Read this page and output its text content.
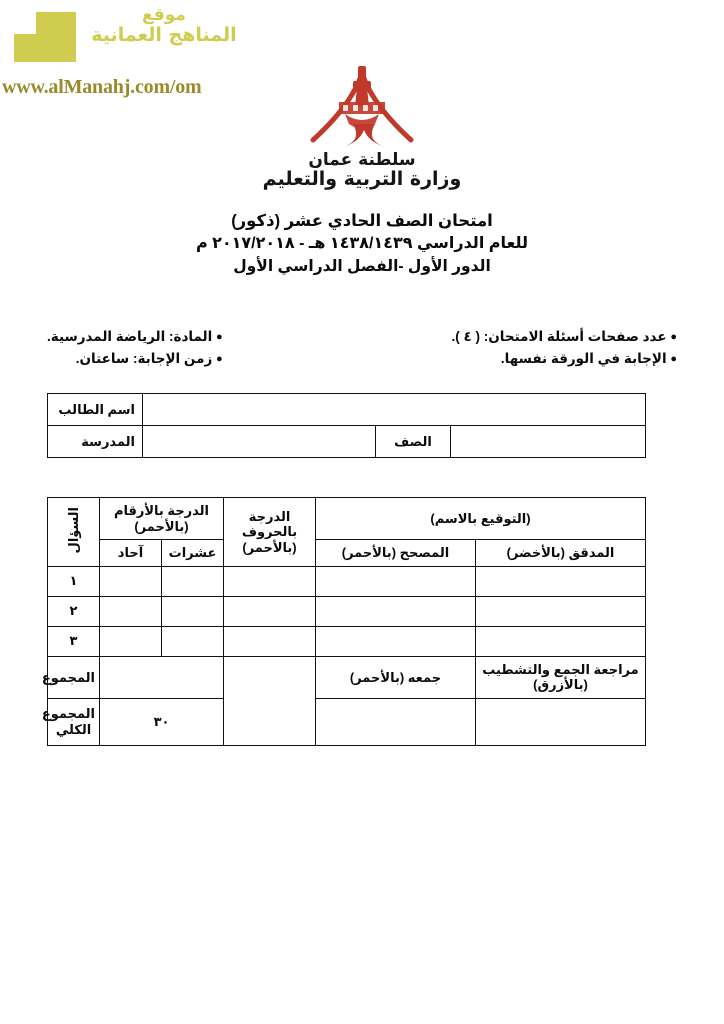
موقع
المناهج العمانية
www.alManahj.com/om
سلطنة عمان
وزارة التربية والتعليم
امتحان الصف الحادي عشر (ذكور)
للعام الدراسي ١٤٣٨/١٤٣٩ هـ - ٢٠١٧/٢٠١٨ م
الدور الأول -الفصل الدراسي الأول
● عدد صفحات أسئلة الامتحان: ( ٤ ).
● الإجابة في الورقة نفسها.
● المادة: الرياضة المدرسية.
● زمن الإجابة: ساعتان.
			اسم الطالب
	الصف		المدرسة
(التوقيع بالاسم)		الدرجة بالحروف (بالأحمر)	الدرجة بالأرقام (بالأحمر)		السؤال
المدقق (بالأخضر)	المصحح (بالأحمر)		عشرات	آحاد	
					١
					٢
					٣
مراجعة الجمع والتشطيب (بالأزرق)	جمعه (بالأحمر)				المجموع
			٣٠		المجموع
الكلي
